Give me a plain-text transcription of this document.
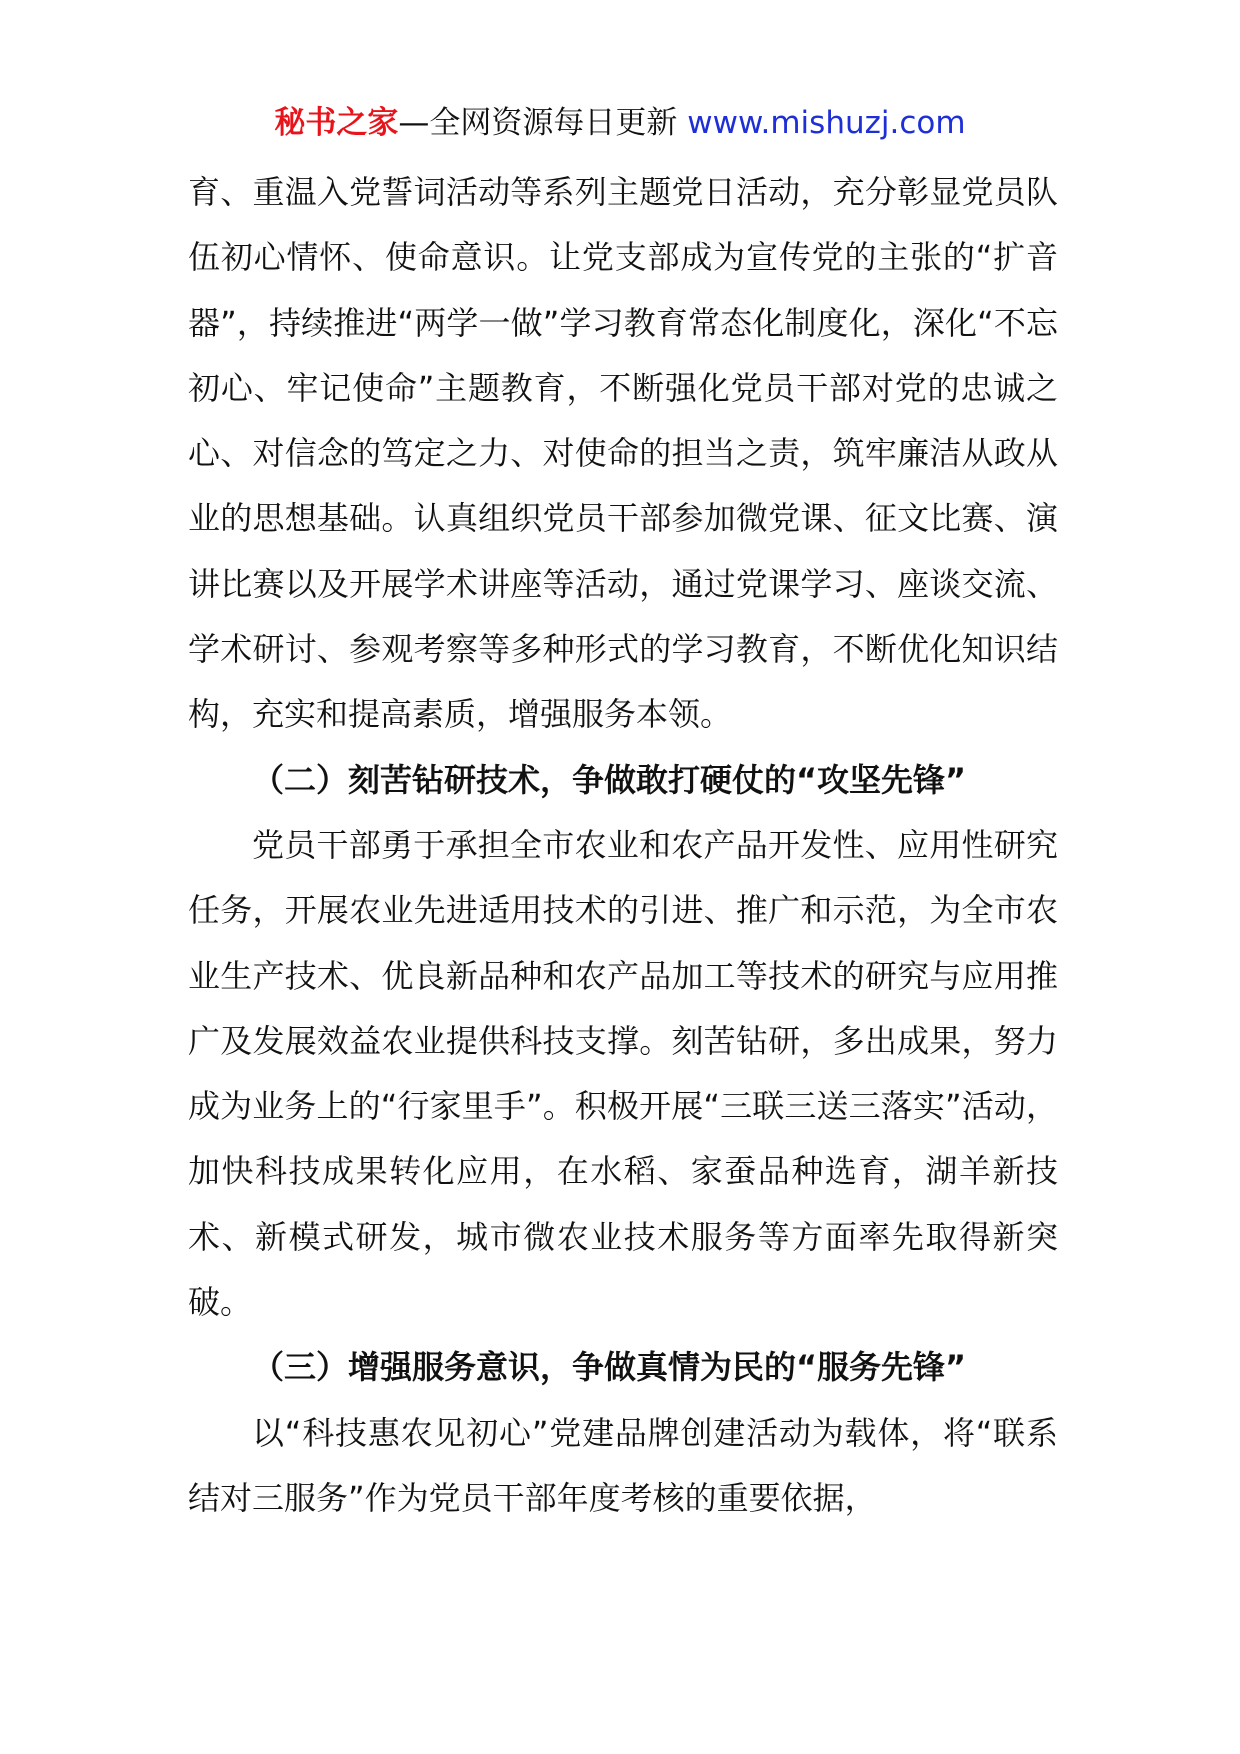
秘书之家—全网资源每日更新 www.mishuzj.com

育、重温入党誓词活动等系列主题党日活动，充分彰显党员队伍初心情怀、使命意识。让党支部成为宣传党的主张的“扩音器”，持续推进“两学一做”学习教育常态化制度化，深化“不忘初心、牢记使命”主题教育，不断强化党员干部对党的忠诚之心、对信念的笃定之力、对使命的担当之责，筑牢廉洁从政从业的思想基础。认真组织党员干部参加微党课、征文比赛、演讲比赛以及开展学术讲座等活动，通过党课学习、座谈交流、学术研讨、参观考察等多种形式的学习教育，不断优化知识结构，充实和提高素质，增强服务本领。

（二）刻苦钻研技术，争做敢打硬仗的“攻坚先锋”

党员干部勇于承担全市农业和农产品开发性、应用性研究任务，开展农业先进适用技术的引进、推广和示范，为全市农业生产技术、优良新品种和农产品加工等技术的研究与应用推广及发展效益农业提供科技支撑。刻苦钻研，多出成果，努力成为业务上的“行家里手”。积极开展“三联三送三落实”活动，加快科技成果转化应用，在水稻、家蚕品种选育，湖羊新技术、新模式研发，城市微农业技术服务等方面率先取得新突破。

（三）增强服务意识，争做真情为民的“服务先锋”

以“科技惠农见初心”党建品牌创建活动为载体，将“联系结对三服务”作为党员干部年度考核的重要依据，
